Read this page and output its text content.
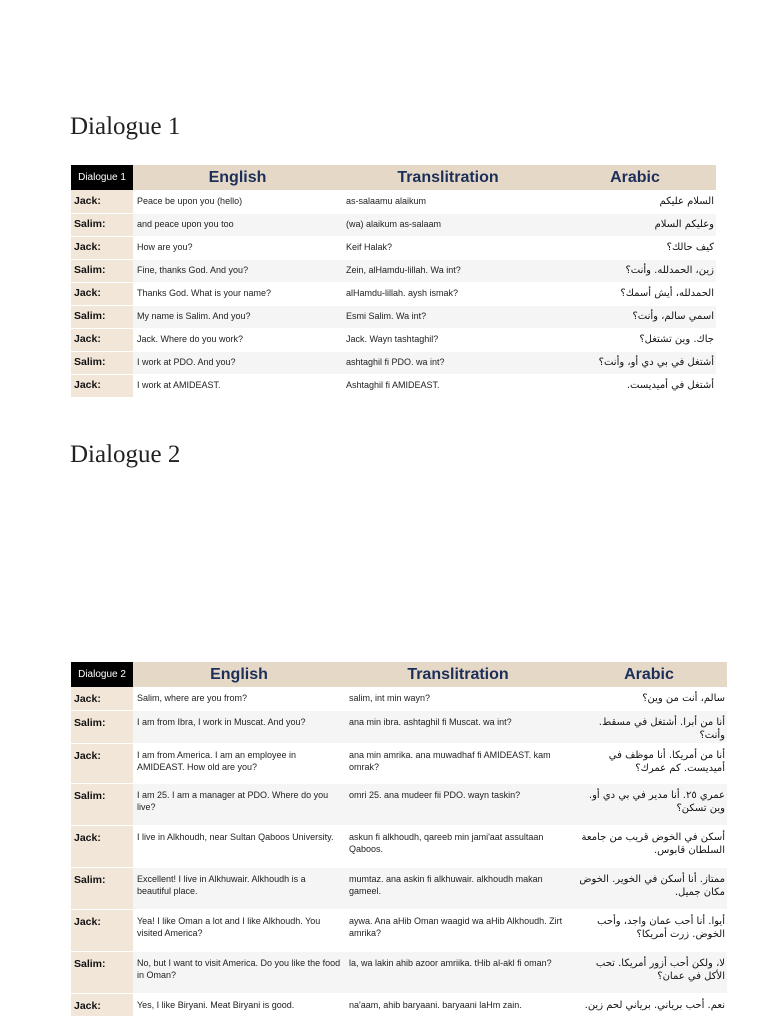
Dialogue 1
Dialogue 1	English	Translitration	Arabic
Jack:	Peace be upon you (hello)	as-salaamu alaikum	السلام عليكم
Salim:	and peace upon you too	(wa) alaikum as-salaam	وعليكم السلام
Jack:	How are you?	Keif Halak?	كيف حالك؟
Salim:	Fine, thanks God. And you?	Zein, alHamdu-lillah. Wa int?	زين، الحمدلله. وأنت؟
Jack:	Thanks God. What is your name?	alHamdu-lillah. aysh ismak?	الحمدلله، أيش أسمك؟
Salim:	My name is Salim. And you?	Esmi Salim. Wa int?	اسمي سالم، وأنت؟
Jack:	Jack. Where do you work?	Jack. Wayn tashtaghil?	جاك. وين تشتغل؟
Salim:	I work at PDO. And you?	ashtaghil fi PDO. wa int?	أشتغل في بي دي أو، وأنت؟
Jack:	I work at AMIDEAST.	Ashtaghil fi AMIDEAST.	أشتغل في أميديست.
Dialogue 2
Dialogue 2	English	Translitration	Arabic
Jack:	Salim, where are you from?	salim, int min wayn?	سالم، أنت من وين؟
Salim:	I am from Ibra, I work in Muscat. And you?	ana min ibra. ashtaghil fi Muscat. wa int?	أنا من أبرا. أشتغل في مسقط. وأنت؟
Jack:	I am from America. I am an employee in AMIDEAST. How old are you?	ana min amrika. ana muwadhaf fi AMIDEAST. kam omrak?	أنا من أمريكا. أنا موظف في أميديست. كم عمرك؟
Salim:	I am 25. I am a manager at PDO. Where do you live?	omri 25. ana mudeer fii PDO. wayn taskin?	عمري ٢٥. أنا مدير في بي دي أو. وين تسكن؟
Jack:	I live in Alkhoudh, near Sultan Qaboos University.	askun fi alkhoudh, qareeb min jami'aat assultaan Qaboos.	أسكن في الخوض قريب من جامعة السلطان قابوس.
Salim:	Excellent! I live in Alkhuwair. Alkhoudh is a beautiful place.	mumtaz. ana askin fi alkhuwair. alkhoudh makan gameel.	ممتاز. أنا أسكن في الخوير. الخوض مكان جميل.
Jack:	Yea! I like Oman a lot and I like Alkhoudh. You visited America?	aywa. Ana aHib Oman waagid wa aHib Alkhoudh. Zirt amrika?	أيوا. أنا أحب عمان واجد، وأحب الخوض. زرت أمريكا؟
Salim:	No, but I want to visit America. Do you like the food in Oman?	la, wa lakin ahib azoor amriika. tHib al-akl fi oman?	لا، ولكن أحب أزور أمريكا. تحب الأكل في عمان؟
Jack:	Yes, I like Biryani. Meat Biryani is good.	na'aam, ahib baryaani. baryaani laHm zain.	نعم. أحب برياني. برياني لحم زين.
